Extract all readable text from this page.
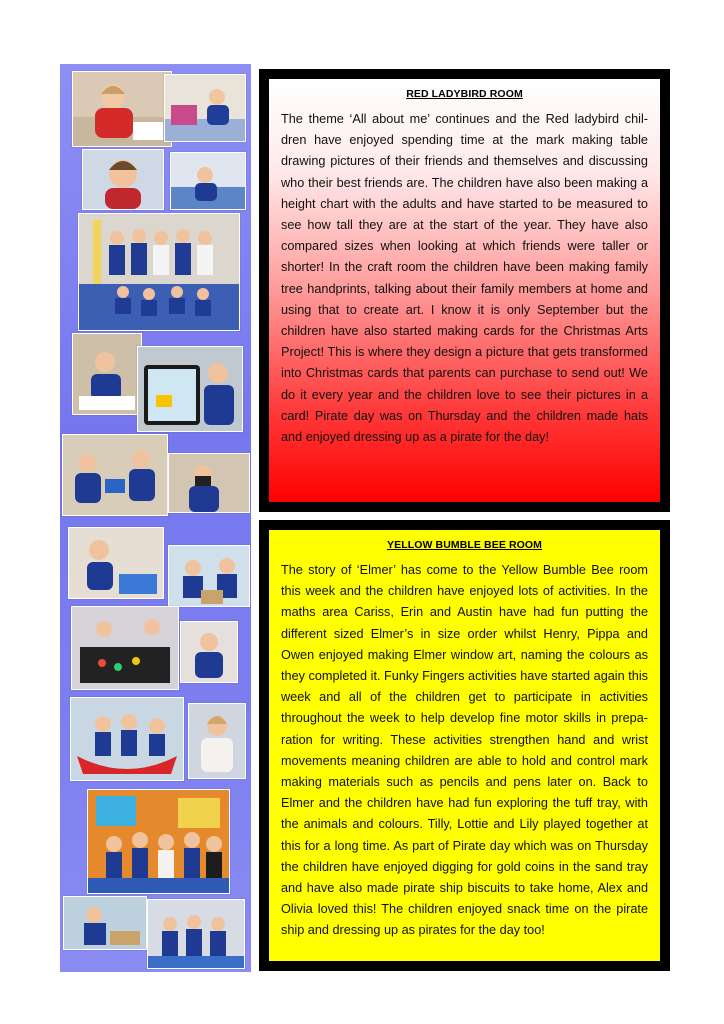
RED LADYBIRD ROOM
The theme ‘All about me’ continues and the Red ladybird chil-dren have enjoyed spending time at the mark making table drawing pictures of their friends and themselves and discussing who their best friends are. The children have also been making a height chart with the adults and have started to be measured to see how tall they are at the start of the year. They have also compared sizes when looking at which friends were taller or shorter! In the craft room the children have been making family tree handprints, talking about their family members at home and using that to create art. I know it is only September but the children have also started making cards for the Christmas Arts Project! This is where they design a picture that gets transformed into Christmas cards that parents can purchase to send out! We do it every year and the children love to see their pictures in a card! Pirate day was on Thursday and the children made hats and enjoyed dressing up as a pirate for the day!
YELLOW BUMBLE BEE ROOM
The story of ‘Elmer’ has come to the Yellow Bumble Bee room this week and the children have enjoyed lots of activities. In the maths area Cariss, Erin and Austin have had fun putting the different sized Elmer’s in size order whilst Henry, Pippa and Owen enjoyed making Elmer window art, naming the colours as they completed it. Funky Fingers activities have started again this week and all of the children get to participate in activities throughout the week to help develop fine motor skills in prepa-ration for writing. These activities strengthen hand and wrist movements meaning children are able to hold and control mark making materials such as pencils and pens later on. Back to Elmer and the children have had fun exploring the tuff tray, with the animals and colours. Tilly, Lottie and Lily played together at this for a long time. As part of Pirate day which was on Thursday the children have enjoyed digging for gold coins in the sand tray and have also made pirate ship biscuits to take home, Alex and Olivia loved this! The children enjoyed snack time on the pirate ship and dressing up as pirates for the day too!
